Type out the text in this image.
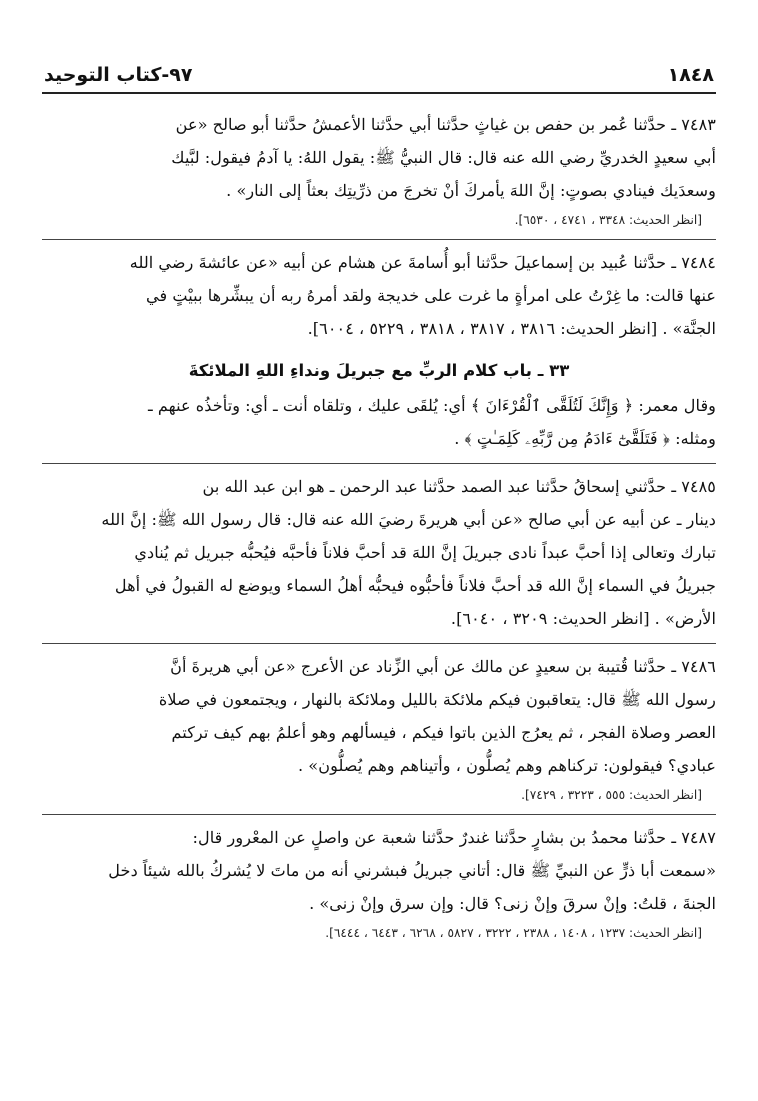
١٨٤٨
٩٧-كتاب التوحيد

٧٤٨٣ ـ حدَّثنا عُمر بن حفص بن غياثٍ حدَّثنا أبي حدَّثنا الأعمشُ حدَّثنا أبو صالح «عن

أبي سعيدٍ الخدريِّ رضي الله عنه قال: قال النبيُّ ﷺ: يقول اللهُ: يا آدمُ فيقول: لبَّيك

وسعدَيك فينادي بصوتٍ: إنَّ اللهَ يأمركَ أنْ تخرجَ من ذرِّيتِك بعثاً إلى النار» .

[انظر الحديث: ٣٣٤٨ ، ٤٧٤١ ، ٦٥٣٠].

٧٤٨٤ ـ حدَّثنا عُبيد بن إسماعيلَ حدَّثنا أبو أُسامةَ عن هشام عن أبيه «عن عائشةَ رضي الله

عنها قالت: ما غِرْتُ على امرأةٍ ما غرت على خديجة ولقد أمرهُ ربه أن يبشِّرها ببيْتٍ في

الجنَّة» . [انظر الحديث: ٣٨١٦ ، ٣٨١٧ ، ٣٨١٨ ، ٥٢٢٩ ، ٦٠٠٤].

٣٣ ـ باب كلام الربِّ مع جبريلَ ونداءِ اللهِ الملائكةَ

وقال معمر: ﴿ وَإِنَّكَ لَتُلَقَّى ٱلْقُرْءَانَ ﴾ أي: يُلقَى عليك ، وتلقاه أنت ـ أي: وتأخذُه عنهم ـ

ومثله: ﴿ فَتَلَقَّىٰٓ ءَادَمُ مِن رَّبِّهِۦ كَلِمَـٰتٍ ﴾ .

٧٤٨٥ ـ حدَّثني إسحاقُ حدَّثنا عبد الصمد حدَّثنا عبد الرحمن ـ هو ابن عبد الله بن

دينار ـ عن أبيه عن أبي صالح «عن أبي هريرةَ رضيَ الله عنه قال: قال رسول الله ﷺ: إنَّ الله

تبارك وتعالى إذا أحبَّ عبداً نادى جبريلَ إنَّ اللهَ قد أحبَّ فلاناً فأحبَّه فيُحبُّه جبريل ثم يُنادي

جبريلُ في السماء إنَّ الله قد أحبَّ فلاناً فأحبُّوه فيحبُّه أهلُ السماء ويوضع له القبولُ في أهل

الأرض» . [انظر الحديث: ٣٢٠٩ ، ٦٠٤٠].

٧٤٨٦ ـ حدَّثنا قُتيبة بن سعيدٍ عن مالك عن أبي الزِّناد عن الأعرج «عن أبي هريرةَ أنَّ

رسول الله ﷺ قال: يتعاقبون فيكم ملائكة بالليل وملائكة بالنهار ، ويجتمعون في صلاة

العصر وصلاة الفجر ، ثم يعرُج الذين باتوا فيكم ، فيسألهم وهو أعلمُ بهم كيف تركتم

عبادي؟ فيقولون: تركناهم وهم يُصلُّون ، وأتيناهم وهم يُصلُّون» .

[انظر الحديث: ٥٥٥ ، ٣٢٢٣ ، ٧٤٢٩].

٧٤٨٧ ـ حدَّثنا محمدُ بن بشارٍ حدَّثنا غندرٌ حدَّثنا شعبة عن واصلٍ عن المعْرور قال:

«سمعت أبا ذرٍّ عن النبيِّ ﷺ قال: أتاني جبريلُ فبشرني أنه من ماتَ لا يُشركُ بالله شيئاً دخل

الجنةَ ، قلتُ: وإنْ سرقَ وإنْ زنى؟ قال: وإن سرق وإنْ زنى» .

[انظر الحديث: ١٢٣٧ ، ١٤٠٨ ، ٢٣٨٨ ، ٣٢٢٢ ، ٥٨٢٧ ، ٦٢٦٨ ، ٦٤٤٣ ، ٦٤٤٤].
